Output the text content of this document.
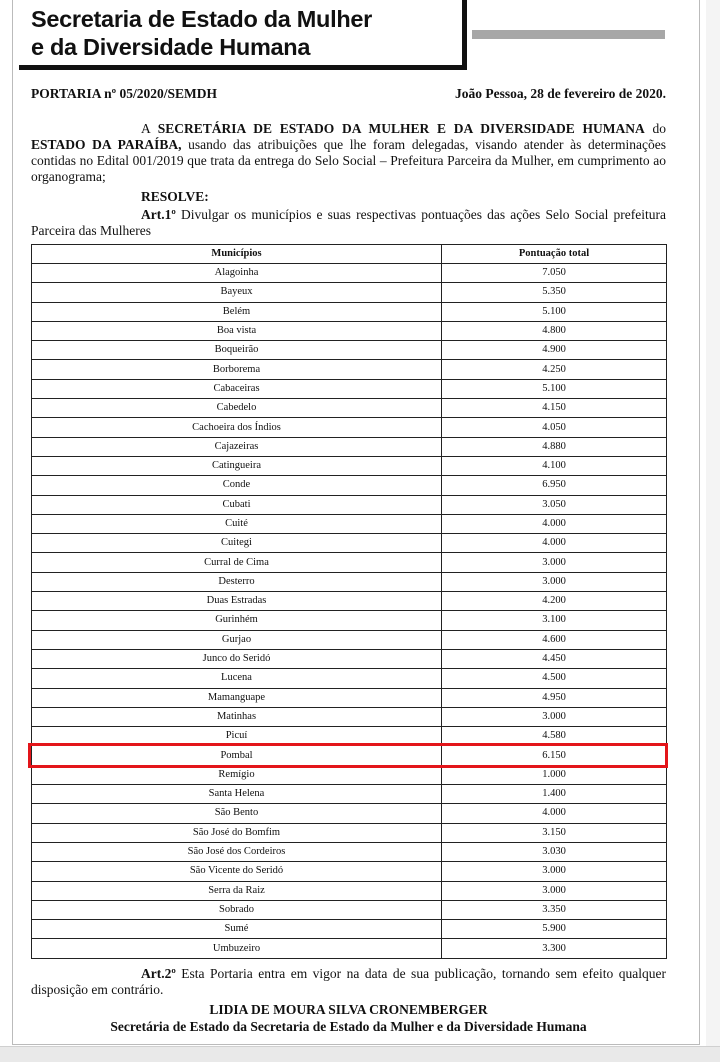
Secretaria de Estado da Mulher
e da Diversidade Humana
PORTARIA nº 05/2020/SEMDH	João Pessoa, 28 de fevereiro de 2020.
A SECRETÁRIA DE ESTADO DA MULHER E DA DIVERSIDADE HUMANA do ESTADO DA PARAÍBA, usando das atribuições que lhe foram delegadas, visando atender às determinações contidas no Edital 001/2019 que trata da entrega do Selo Social – Prefeitura Parceira da Mulher, em cumprimento ao organograma;
RESOLVE:
Art.1º Divulgar os municípios e suas respectivas pontuações das ações Selo Social prefeitura Parceira das Mulheres
Municípios	Pontuação total
Alagoinha	7.050
Bayeux	5.350
Belém	5.100
Boa vista	4.800
Boqueirão	4.900
Borborema	4.250
Cabaceiras	5.100
Cabedelo	4.150
Cachoeira dos Índios	4.050
Cajazeiras	4.880
Catingueira	4.100
Conde	6.950
Cubati	3.050
Cuité	4.000
Cuitegi	4.000
Curral de Cima	3.000
Desterro	3.000
Duas Estradas	4.200
Gurinhém	3.100
Gurjao	4.600
Junco do Seridó	4.450
Lucena	4.500
Mamanguape	4.950
Matinhas	3.000
Picuí	4.580
Pombal	6.150
Remígio	1.000
Santa Helena	1.400
São Bento	4.000
São José do Bomfim	3.150
São José dos Cordeiros	3.030
São Vicente do Seridó	3.000
Serra da Raiz	3.000
Sobrado	3.350
Sumé	5.900
Umbuzeiro	3.300
Art.2º Esta Portaria entra em vigor na data de sua publicação, tornando sem efeito qualquer disposição em contrário.
LIDIA DE MOURA SILVA CRONEMBERGER
Secretária de Estado da Secretaria de Estado da Mulher e da Diversidade Humana
